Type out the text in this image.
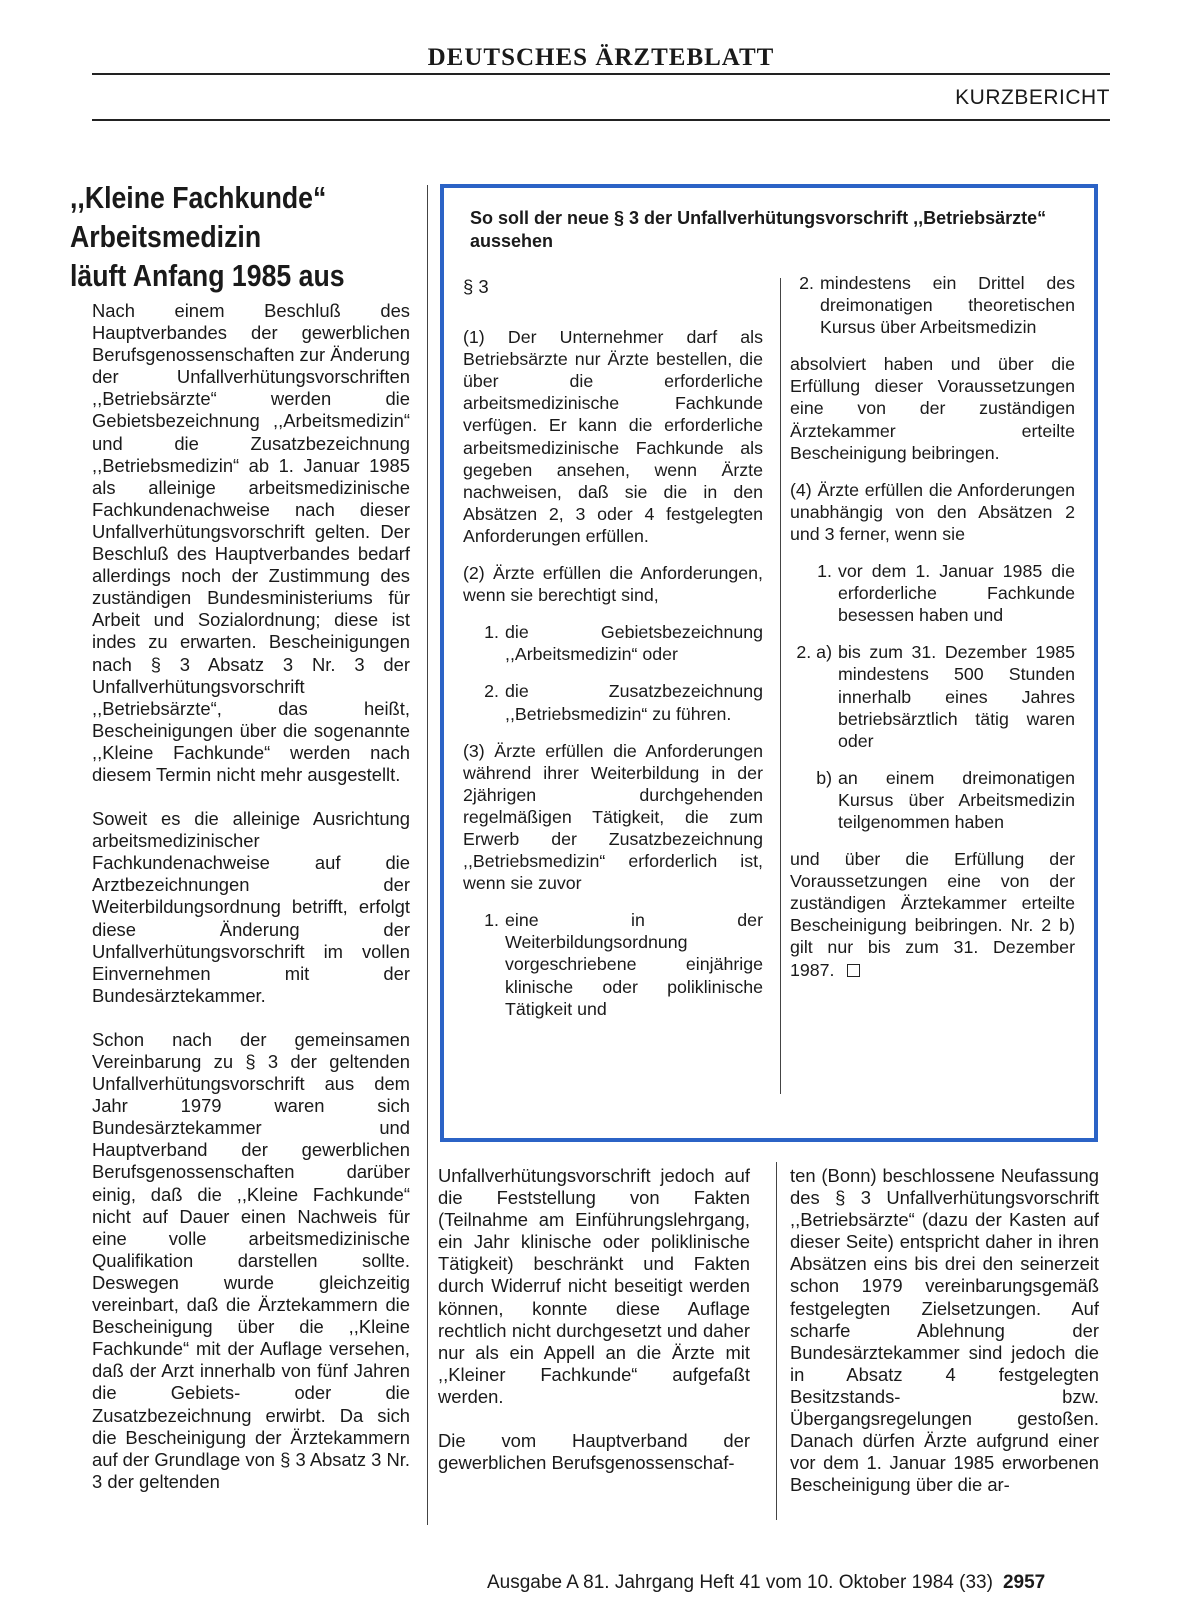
DEUTSCHES ÄRZTEBLATT
KURZBERICHT
,,Kleine Fachkunde“
Arbeitsmedizin
läuft Anfang 1985 aus

Nach einem Beschluß des Hauptverbandes der gewerblichen Berufsgenossenschaften zur Änderung der Unfallverhütungsvorschriften ,,Betriebsärzte“ werden die Gebietsbezeichnung ,,Arbeitsmedizin“ und die Zusatzbezeichnung ,,Betriebsmedizin“ ab 1. Januar 1985 als alleinige arbeitsmedizinische Fachkundenachweise nach dieser Unfallverhütungsvorschrift gelten. Der Beschluß des Hauptverbandes bedarf allerdings noch der Zustimmung des zuständigen Bundesministeriums für Arbeit und Sozialordnung; diese ist indes zu erwarten. Bescheinigungen nach § 3 Absatz 3 Nr. 3 der Unfallverhütungsvorschrift ,,Betriebsärzte“, das heißt, Bescheinigungen über die sogenannte ,,Kleine Fachkunde“ werden nach diesem Termin nicht mehr ausgestellt.

Soweit es die alleinige Ausrichtung arbeitsmedizinischer Fachkundenachweise auf die Arztbezeichnungen der Weiterbildungsordnung betrifft, erfolgt diese Änderung der Unfallverhütungsvorschrift im vollen Einvernehmen mit der Bundesärztekammer.

Schon nach der gemeinsamen Vereinbarung zu § 3 der geltenden Unfallverhütungsvorschrift aus dem Jahr 1979 waren sich Bundesärztekammer und Hauptverband der gewerblichen Berufsgenossenschaften darüber einig, daß die ,,Kleine Fachkunde“ nicht auf Dauer einen Nachweis für eine volle arbeitsmedizinische Qualifikation darstellen sollte. Deswegen wurde gleichzeitig vereinbart, daß die Ärztekammern die Bescheinigung über die ,,Kleine Fachkunde“ mit der Auflage versehen, daß der Arzt innerhalb von fünf Jahren die Gebiets- oder die Zusatzbezeichnung erwirbt. Da sich die Bescheinigung der Ärztekammern auf der Grundlage von § 3 Absatz 3 Nr. 3 der geltenden

So soll der neue § 3 der Unfallverhütungsvorschrift ,,Betriebsärzte“ aussehen

§ 3

(1) Der Unternehmer darf als Betriebsärzte nur Ärzte bestellen, die über die erforderliche arbeitsmedizinische Fachkunde verfügen. Er kann die erforderliche arbeitsmedizinische Fachkunde als gegeben ansehen, wenn Ärzte nachweisen, daß sie die in den Absätzen 2, 3 oder 4 festgelegten Anforderungen erfüllen.

(2) Ärzte erfüllen die Anforderungen, wenn sie berechtigt sind,

1. die Gebietsbezeichnung ,,Arbeitsmedizin“ oder
2. die Zusatzbezeichnung ,,Betriebsmedizin“ zu führen.

(3) Ärzte erfüllen die Anforderungen während ihrer Weiterbildung in der 2jährigen durchgehenden regelmäßigen Tätigkeit, die zum Erwerb der Zusatzbezeichnung ,,Betriebsmedizin“ erforderlich ist, wenn sie zuvor

1. eine in der Weiterbildungsordnung vorgeschriebene einjährige klinische oder poliklinische Tätigkeit und
2. mindestens ein Drittel des dreimonatigen theoretischen Kursus über Arbeitsmedizin

absolviert haben und über die Erfüllung dieser Voraussetzungen eine von der zuständigen Ärztekammer erteilte Bescheinigung beibringen.

(4) Ärzte erfüllen die Anforderungen unabhängig von den Absätzen 2 und 3 ferner, wenn sie

1. vor dem 1. Januar 1985 die erforderliche Fachkunde besessen haben und
2. a) bis zum 31. Dezember 1985 mindestens 500 Stunden innerhalb eines Jahres betriebsärztlich tätig waren oder
b) an einem dreimonatigen Kursus über Arbeitsmedizin teilgenommen haben

und über die Erfüllung der Voraussetzungen eine von der zuständigen Ärztekammer erteilte Bescheinigung beibringen. Nr. 2 b) gilt nur bis zum 31. Dezember 1987.

Unfallverhütungsvorschrift jedoch auf die Feststellung von Fakten (Teilnahme am Einführungslehrgang, ein Jahr klinische oder poliklinische Tätigkeit) beschränkt und Fakten durch Widerruf nicht beseitigt werden können, konnte diese Auflage rechtlich nicht durchgesetzt und daher nur als ein Appell an die Ärzte mit ,,Kleiner Fachkunde“ aufgefaßt werden.

Die vom Hauptverband der gewerblichen Berufsgenossenschaf-

ten (Bonn) beschlossene Neufassung des § 3 Unfallverhütungsvorschrift ,,Betriebsärzte“ (dazu der Kasten auf dieser Seite) entspricht daher in ihren Absätzen eins bis drei den seinerzeit schon 1979 vereinbarungsgemäß festgelegten Zielsetzungen. Auf scharfe Ablehnung der Bundesärztekammer sind jedoch die in Absatz 4 festgelegten Besitzstands- bzw. Übergangsregelungen gestoßen. Danach dürfen Ärzte aufgrund einer vor dem 1. Januar 1985 erworbenen Bescheinigung über die ar-

Ausgabe A 81. Jahrgang Heft 41 vom 10. Oktober 1984 (33) 2957
